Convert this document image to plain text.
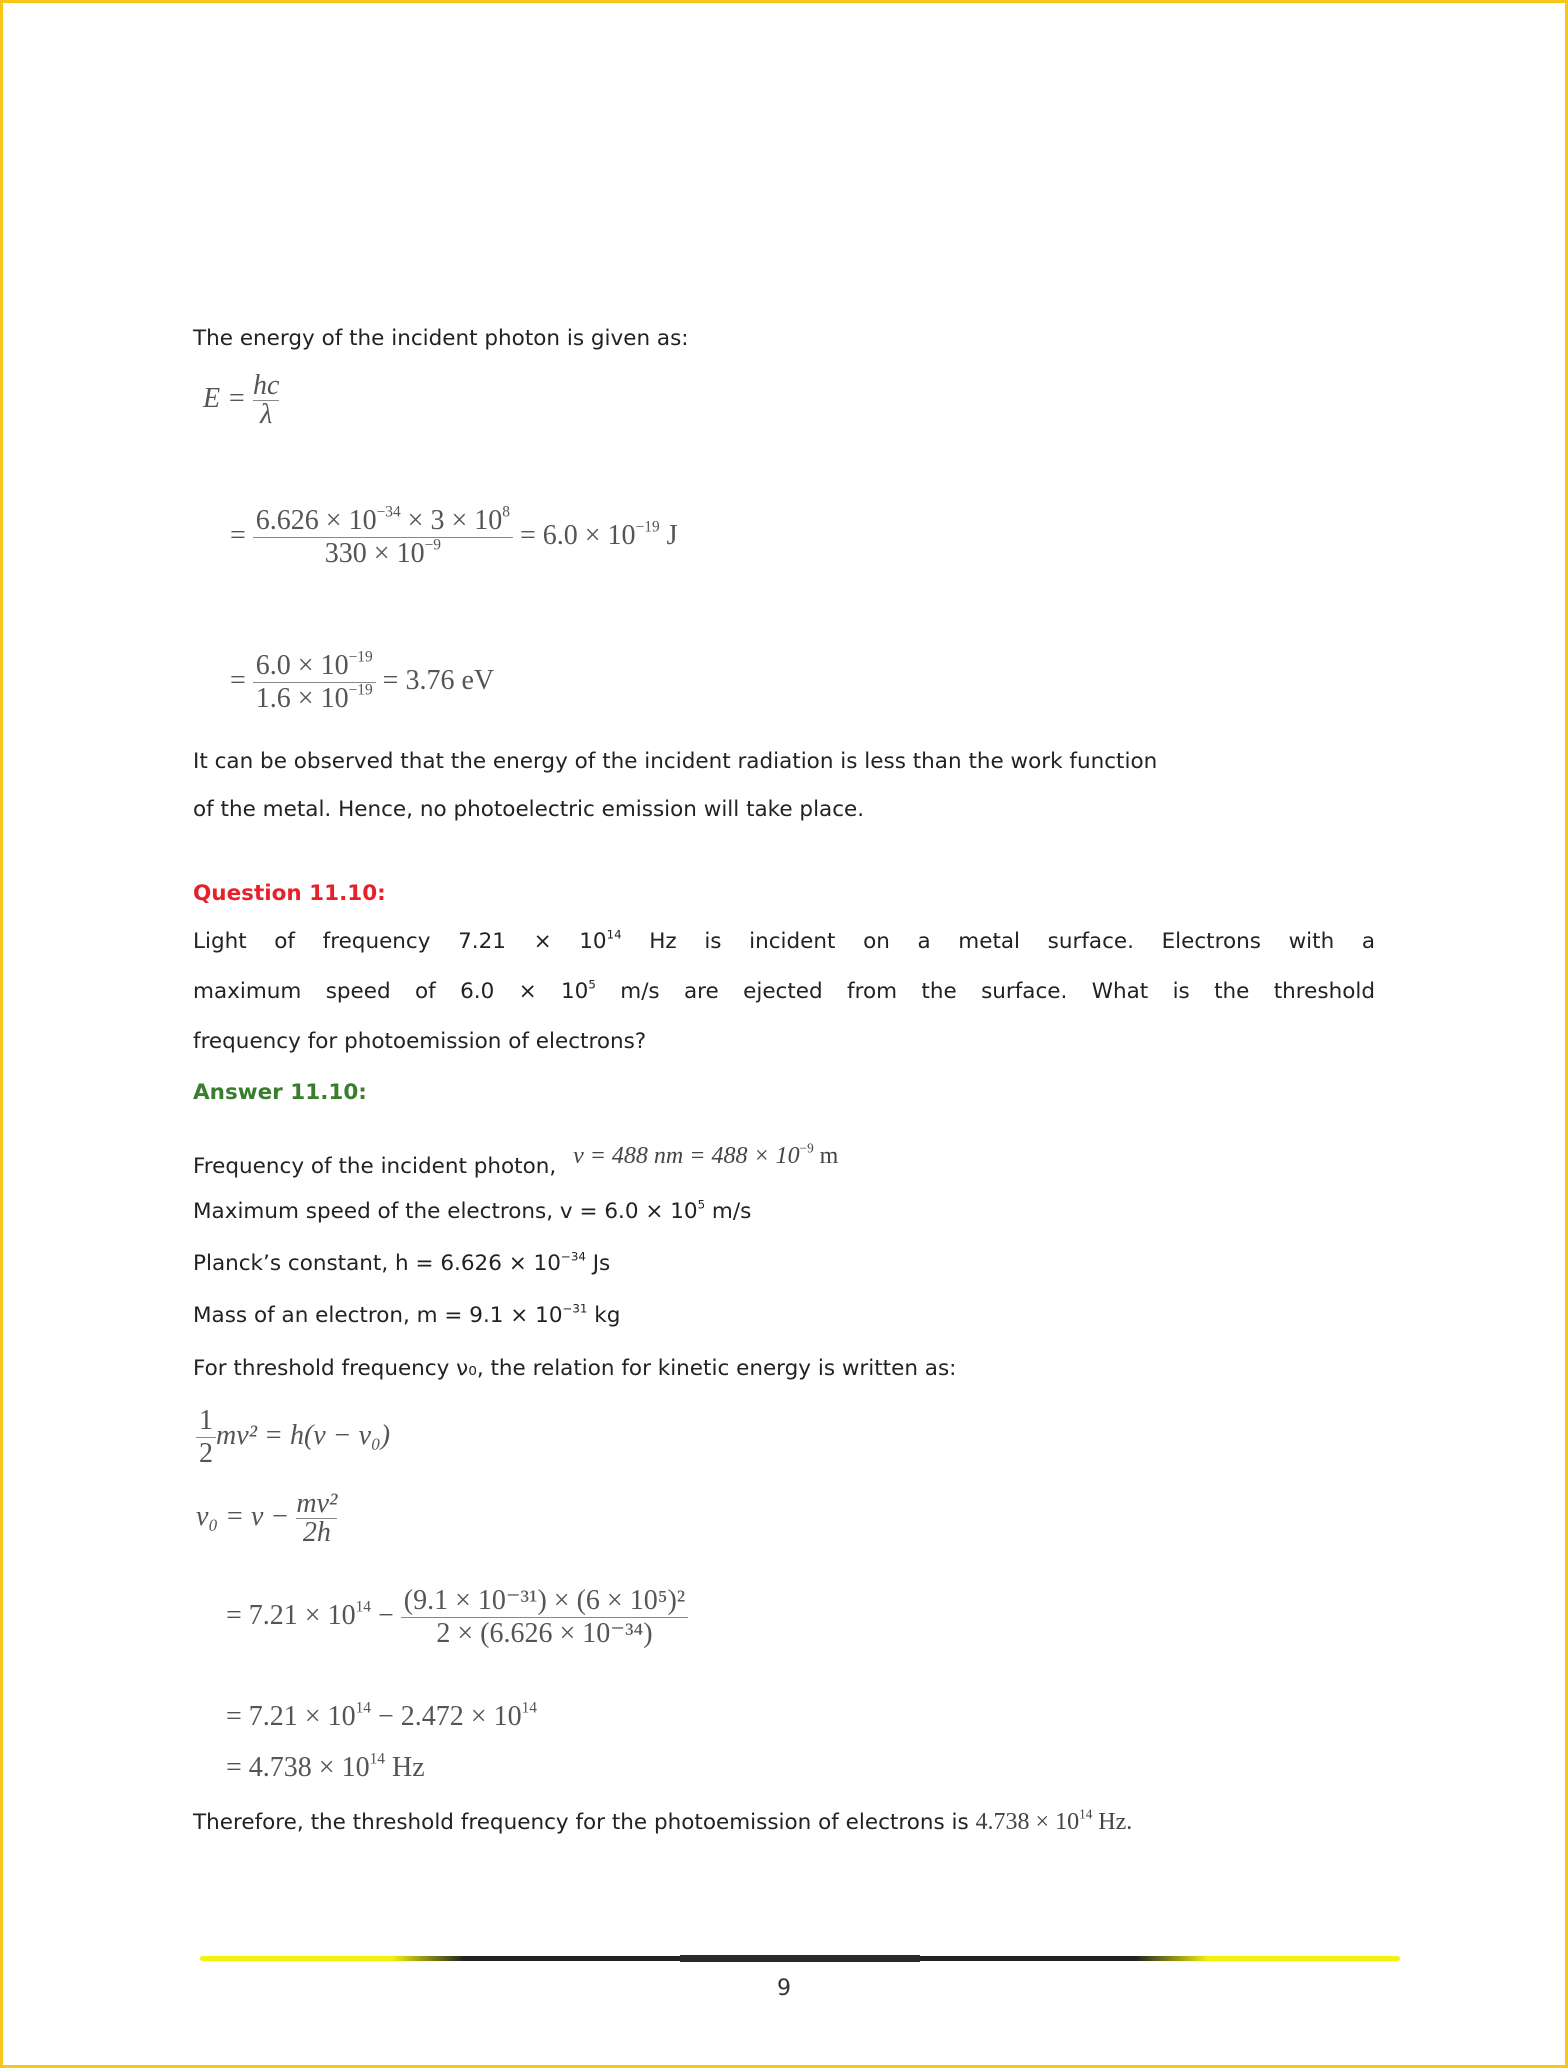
The energy of the incident photon is given as:
$E = \frac{hc}{\lambda}$
= $\frac{6.626 \times 10^{-34} \times 3 \times 10^8}{330 \times 10^{-9}} = 6.0 \times 10^{-19}$ J
= $\frac{6.0 \times 10^{-19}}{1.6 \times 10^{-19}} = 3.76$ eV
It can be observed that the energy of the incident radiation is less than the work function
of the metal. Hence, no photoelectric emission will take place.
Question 11.10:
Light of frequency $7.21 \times 10^{14}$ Hz is incident on a metal surface. Electrons with a
maximum speed of $6.0 \times 10^5$ m/s are ejected from the surface. What is the threshold
frequency for photoemission of electrons?
Answer 11.10:
Frequency of the incident photon, ν = 488 nm = $488 \times 10^{-9}$ m
Maximum speed of the electrons, $v = 6.0 \times 10^5$ m/s
Planck’s constant, $h = 6.626 \times 10^{-34}$ Js
Mass of an electron, $m = 9.1 \times 10^{-31}$ kg
For threshold frequency ν₀, the relation for kinetic energy is written as:
$\frac{1}{2} mv^2 = h(\nu - \nu_0)$
$\nu_0 = \nu - \frac{\text{mv²}}{2h}$
= $7.21 \times 10^{14} - \frac{\text{(9.1 × 10⁻³¹) × (6 × 10⁵)²}}{\text{2 × (6.626 × 10⁻³⁴)}}$
= $7.21 \times 10^{14} - 2.472 \times 10^{14}$
= $4.738 \times 10^{14}$ Hz
Therefore, the threshold frequency for the photoemission of electrons is $4.738 \times 10^{14}$ Hz.
9
